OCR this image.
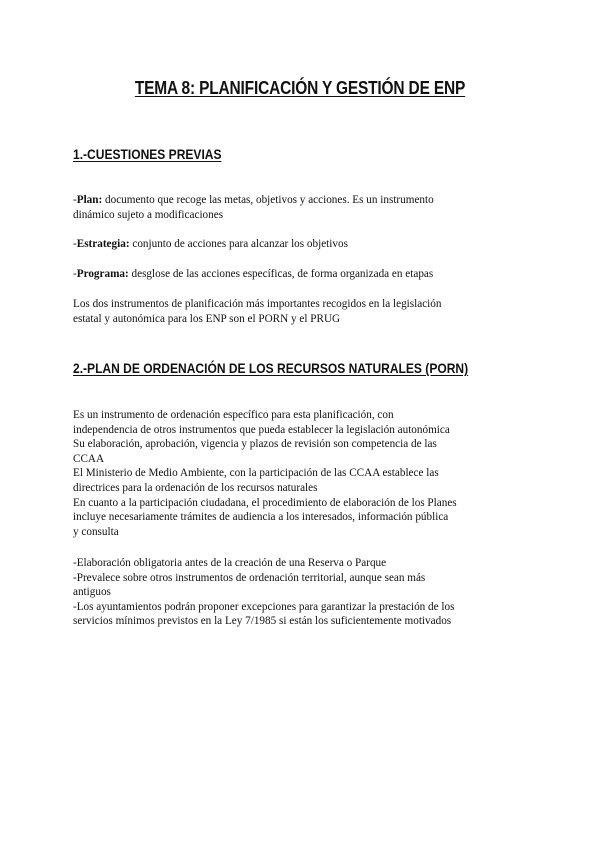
TEMA 8: PLANIFICACIÓN Y GESTIÓN DE ENP
1.-CUESTIONES PREVIAS
-Plan: documento que recoge las metas, objetivos y acciones. Es un instrumento
dinámico sujeto a modificaciones
-Estrategia: conjunto de acciones para alcanzar los objetivos
-Programa: desglose de las acciones específicas, de forma organizada en etapas
Los dos instrumentos de planificación más importantes recogidos en la legislación
estatal y autonómica para los ENP son el PORN y el PRUG
2.-PLAN DE ORDENACIÓN DE LOS RECURSOS NATURALES (PORN)
Es un instrumento de ordenación específico para esta planificación, con
independencia de otros instrumentos que pueda establecer la legislación autonómica
Su elaboración, aprobación, vigencia y plazos de revisión son competencia de las
CCAA
El Ministerio de Medio Ambiente, con la participación de las CCAA establece las
directrices para la ordenación de los recursos naturales
En cuanto a la participación ciudadana, el procedimiento de elaboración de los Planes
incluye necesariamente trámites de audiencia a los interesados, información pública
y consulta
-Elaboración obligatoria antes de la creación de una Reserva o Parque
-Prevalece sobre otros instrumentos de ordenación territorial, aunque sean más
antiguos
-Los ayuntamientos podrán proponer excepciones para garantizar la prestación de los
servicios mínimos previstos en la Ley 7/1985 si están los suficientemente motivados
